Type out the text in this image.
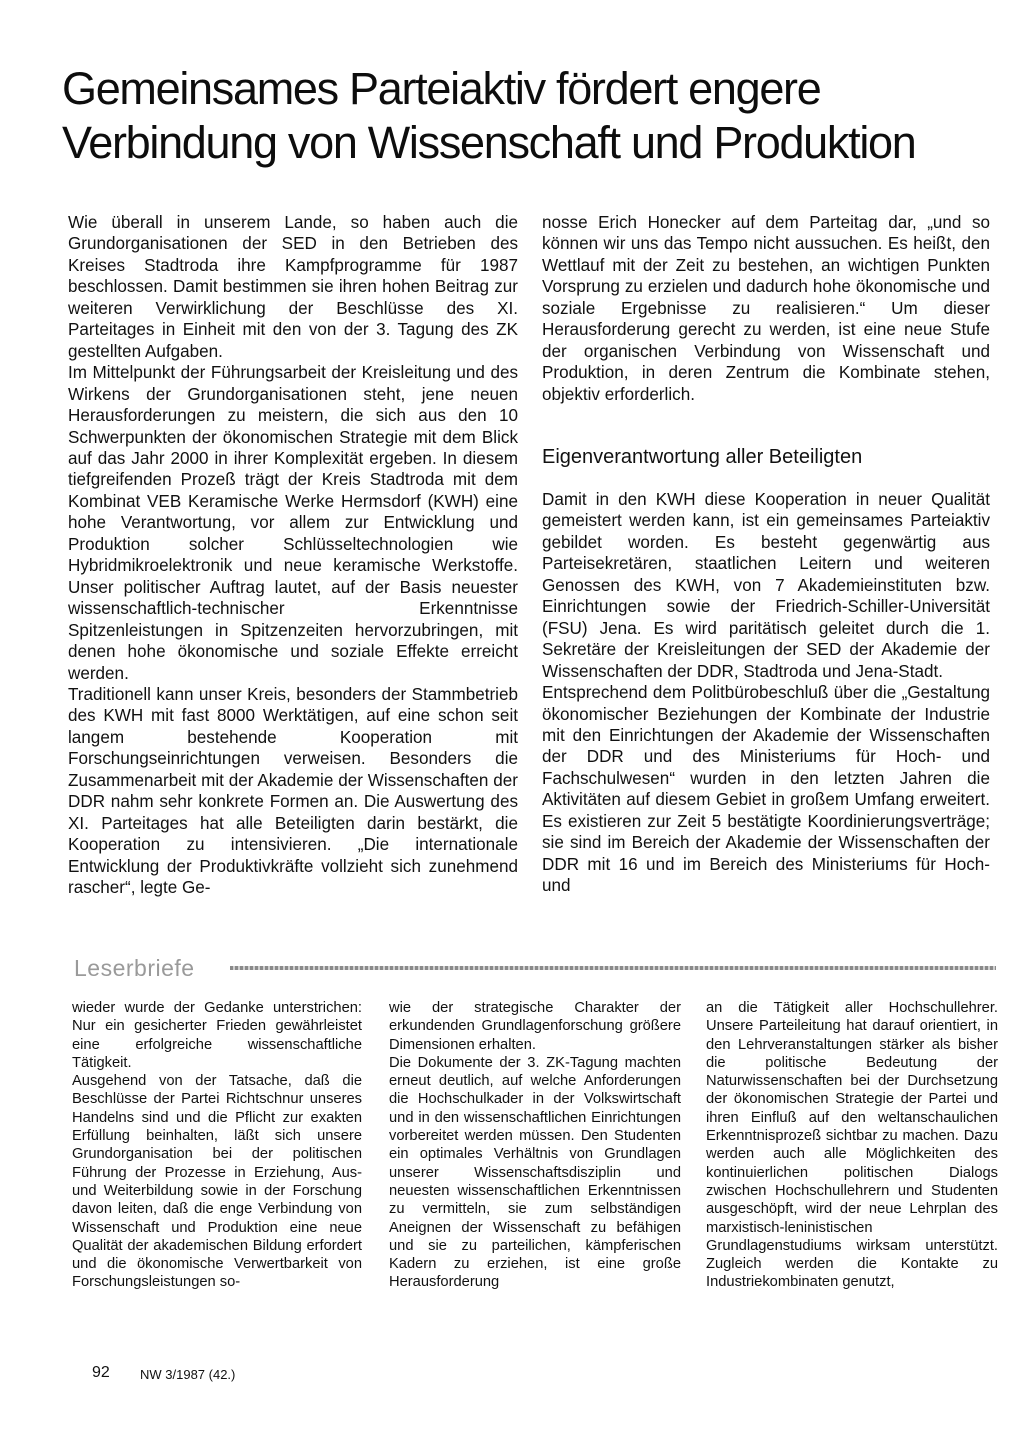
Gemeinsames Parteiaktiv fördert engere Verbindung von Wissenschaft und Produktion

Wie überall in unserem Lande, so haben auch die Grundorganisationen der SED in den Betrieben des Kreises Stadtroda ihre Kampfprogramme für 1987 beschlossen. Damit bestimmen sie ihren hohen Beitrag zur weiteren Verwirklichung der Beschlüsse des XI. Parteitages in Einheit mit den von der 3. Tagung des ZK gestellten Aufgaben.

Im Mittelpunkt der Führungsarbeit der Kreisleitung und des Wirkens der Grundorganisationen steht, jene neuen Herausforderungen zu meistern, die sich aus den 10 Schwerpunkten der ökonomischen Strategie mit dem Blick auf das Jahr 2000 in ihrer Komplexität ergeben. In diesem tiefgreifenden Prozeß trägt der Kreis Stadtroda mit dem Kombinat VEB Keramische Werke Hermsdorf (KWH) eine hohe Verantwortung, vor allem zur Entwicklung und Produktion solcher Schlüsseltechnologien wie Hybridmikroelektronik und neue keramische Werkstoffe. Unser politischer Auftrag lautet, auf der Basis neuester wissenschaftlich-technischer Erkenntnisse Spitzenleistungen in Spitzenzeiten hervorzubringen, mit denen hohe ökonomische und soziale Effekte erreicht werden.

Traditionell kann unser Kreis, besonders der Stammbetrieb des KWH mit fast 8000 Werktätigen, auf eine schon seit langem bestehende Kooperation mit Forschungseinrichtungen verweisen. Besonders die Zusammenarbeit mit der Akademie der Wissenschaften der DDR nahm sehr konkrete Formen an. Die Auswertung des XI. Parteitages hat alle Beteiligten darin bestärkt, die Kooperation zu intensivieren. „Die internationale Entwicklung der Produktivkräfte vollzieht sich zunehmend rascher“, legte Ge-

nosse Erich Honecker auf dem Parteitag dar, „und so können wir uns das Tempo nicht aussuchen. Es heißt, den Wettlauf mit der Zeit zu bestehen, an wichtigen Punkten Vorsprung zu erzielen und dadurch hohe ökonomische und soziale Ergebnisse zu realisieren.“ Um dieser Herausforderung gerecht zu werden, ist eine neue Stufe der organischen Verbindung von Wissenschaft und Produktion, in deren Zentrum die Kombinate stehen, objektiv erforderlich.

Eigenverantwortung aller Beteiligten

Damit in den KWH diese Kooperation in neuer Qualität gemeistert werden kann, ist ein gemeinsames Parteiaktiv gebildet worden. Es besteht gegenwärtig aus Parteisekretären, staatlichen Leitern und weiteren Genossen des KWH, von 7 Akademieinstituten bzw. Einrichtungen sowie der Friedrich-Schiller-Universität (FSU) Jena. Es wird paritätisch geleitet durch die 1. Sekretäre der Kreisleitungen der SED der Akademie der Wissenschaften der DDR, Stadtroda und Jena-Stadt.

Entsprechend dem Politbürobeschluß über die „Gestaltung ökonomischer Beziehungen der Kombinate der Industrie mit den Einrichtungen der Akademie der Wissenschaften der DDR und des Ministeriums für Hoch- und Fachschulwesen“ wurden in den letzten Jahren die Aktivitäten auf diesem Gebiet in großem Umfang erweitert. Es existieren zur Zeit 5 bestätigte Koordinierungsverträge; sie sind im Bereich der Akademie der Wissenschaften der DDR mit 16 und im Bereich des Ministeriums für Hoch- und

Leserbriefe

wieder wurde der Gedanke unterstrichen: Nur ein gesicherter Frieden gewährleistet eine erfolgreiche wissenschaftliche Tätigkeit.

Ausgehend von der Tatsache, daß die Beschlüsse der Partei Richtschnur unseres Handelns sind und die Pflicht zur exakten Erfüllung beinhalten, läßt sich unsere Grundorganisation bei der politischen Führung der Prozesse in Erziehung, Aus- und Weiterbildung sowie in der Forschung davon leiten, daß die enge Verbindung von Wissenschaft und Produktion eine neue Qualität der akademischen Bildung erfordert und die ökonomische Verwertbarkeit von Forschungsleistungen so-

wie der strategische Charakter der erkundenden Grundlagenforschung größere Dimensionen erhalten.

Die Dokumente der 3. ZK-Tagung machten erneut deutlich, auf welche Anforderungen die Hochschulkader in der Volkswirtschaft und in den wissenschaftlichen Einrichtungen vorbereitet werden müssen. Den Studenten ein optimales Verhältnis von Grundlagen unserer Wissenschaftsdisziplin und neuesten wissenschaftlichen Erkenntnissen zu vermitteln, sie zum selbständigen Aneignen der Wissenschaft zu befähigen und sie zu parteilichen, kämpferischen Kadern zu erziehen, ist eine große Herausforderung

an die Tätigkeit aller Hochschullehrer. Unsere Parteileitung hat darauf orientiert, in den Lehrveranstaltungen stärker als bisher die politische Bedeutung der Naturwissenschaften bei der Durchsetzung der ökonomischen Strategie der Partei und ihren Einfluß auf den weltanschaulichen Erkenntnisprozeß sichtbar zu machen. Dazu werden auch alle Möglichkeiten des kontinuierlichen politischen Dialogs zwischen Hochschullehrern und Studenten ausgeschöpft, wird der neue Lehrplan des marxistisch-leninistischen Grundlagenstudiums wirksam unterstützt. Zugleich werden die Kontakte zu Industriekombinaten genutzt,

92 NW 3/1987 (42.)
